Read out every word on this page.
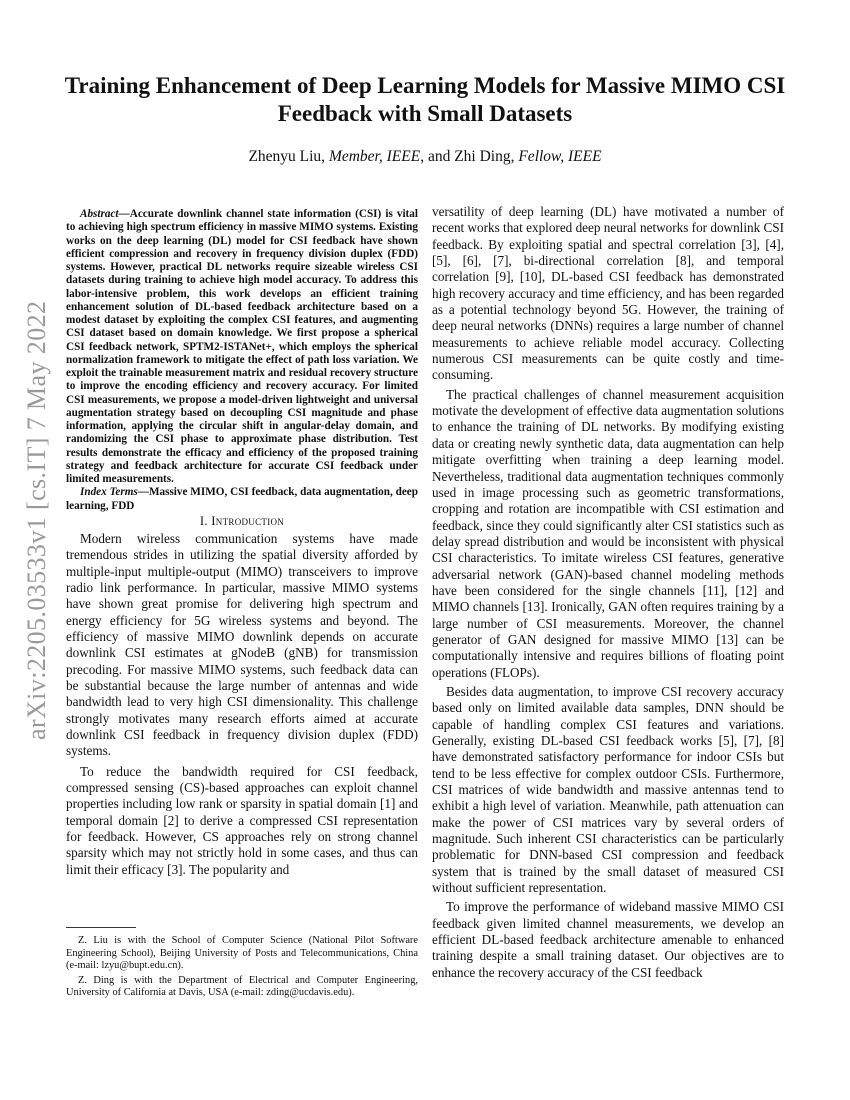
arXiv:2205.03533v1 [cs.IT] 7 May 2022
Training Enhancement of Deep Learning Models for Massive MIMO CSI Feedback with Small Datasets
Zhenyu Liu, Member, IEEE, and Zhi Ding, Fellow, IEEE

Abstract—Accurate downlink channel state information (CSI) is vital to achieving high spectrum efficiency in massive MIMO systems. Existing works on the deep learning (DL) model for CSI feedback have shown efficient compression and recovery in frequency division duplex (FDD) systems. However, practical DL networks require sizeable wireless CSI datasets during training to achieve high model accuracy. To address this labor-intensive problem, this work develops an efficient training enhancement solution of DL-based feedback architecture based on a modest dataset by exploiting the complex CSI features, and augmenting CSI dataset based on domain knowledge. We first propose a spherical CSI feedback network, SPTM2-ISTANet+, which employs the spherical normalization framework to mitigate the effect of path loss variation. We exploit the trainable measurement matrix and residual recovery structure to improve the encoding efficiency and recovery accuracy. For limited CSI measurements, we propose a model-driven lightweight and universal augmentation strategy based on decoupling CSI magnitude and phase information, applying the circular shift in angular-delay domain, and randomizing the CSI phase to approximate phase distribution. Test results demonstrate the efficacy and efficiency of the proposed training strategy and feedback architecture for accurate CSI feedback under limited measurements.

Index Terms—Massive MIMO, CSI feedback, data augmentation, deep learning, FDD

I. Introduction

Modern wireless communication systems have made tremendous strides in utilizing the spatial diversity afforded by multiple-input multiple-output (MIMO) transceivers to improve radio link performance. In particular, massive MIMO systems have shown great promise for delivering high spectrum and energy efficiency for 5G wireless systems and beyond. The efficiency of massive MIMO downlink depends on accurate downlink CSI estimates at gNodeB (gNB) for transmission precoding. For massive MIMO systems, such feedback data can be substantial because the large number of antennas and wide bandwidth lead to very high CSI dimensionality. This challenge strongly motivates many research efforts aimed at accurate downlink CSI feedback in frequency division duplex (FDD) systems.

To reduce the bandwidth required for CSI feedback, compressed sensing (CS)-based approaches can exploit channel properties including low rank or sparsity in spatial domain [1] and temporal domain [2] to derive a compressed CSI representation for feedback. However, CS approaches rely on strong channel sparsity which may not strictly hold in some cases, and thus can limit their efficacy [3]. The popularity and

Z. Liu is with the School of Computer Science (National Pilot Software Engineering School), Beijing University of Posts and Telecommunications, China (e-mail: lzyu@bupt.edu.cn).

Z. Ding is with the Department of Electrical and Computer Engineering, University of California at Davis, USA (e-mail: zding@ucdavis.edu).

versatility of deep learning (DL) have motivated a number of recent works that explored deep neural networks for downlink CSI feedback. By exploiting spatial and spectral correlation [3], [4], [5], [6], [7], bi-directional correlation [8], and temporal correlation [9], [10], DL-based CSI feedback has demonstrated high recovery accuracy and time efficiency, and has been regarded as a potential technology beyond 5G. However, the training of deep neural networks (DNNs) requires a large number of channel measurements to achieve reliable model accuracy. Collecting numerous CSI measurements can be quite costly and time-consuming.

The practical challenges of channel measurement acquisition motivate the development of effective data augmentation solutions to enhance the training of DL networks. By modifying existing data or creating newly synthetic data, data augmentation can help mitigate overfitting when training a deep learning model. Nevertheless, traditional data augmentation techniques commonly used in image processing such as geometric transformations, cropping and rotation are incompatible with CSI estimation and feedback, since they could significantly alter CSI statistics such as delay spread distribution and would be inconsistent with physical CSI characteristics. To imitate wireless CSI features, generative adversarial network (GAN)-based channel modeling methods have been considered for the single channels [11], [12] and MIMO channels [13]. Ironically, GAN often requires training by a large number of CSI measurements. Moreover, the channel generator of GAN designed for massive MIMO [13] can be computationally intensive and requires billions of floating point operations (FLOPs).

Besides data augmentation, to improve CSI recovery accuracy based only on limited available data samples, DNN should be capable of handling complex CSI features and variations. Generally, existing DL-based CSI feedback works [5], [7], [8] have demonstrated satisfactory performance for indoor CSIs but tend to be less effective for complex outdoor CSIs. Furthermore, CSI matrices of wide bandwidth and massive antennas tend to exhibit a high level of variation. Meanwhile, path attenuation can make the power of CSI matrices vary by several orders of magnitude. Such inherent CSI characteristics can be particularly problematic for DNN-based CSI compression and feedback system that is trained by the small dataset of measured CSI without sufficient representation.

To improve the performance of wideband massive MIMO CSI feedback given limited channel measurements, we develop an efficient DL-based feedback architecture amenable to enhanced training despite a small training dataset. Our objectives are to enhance the recovery accuracy of the CSI feedback
